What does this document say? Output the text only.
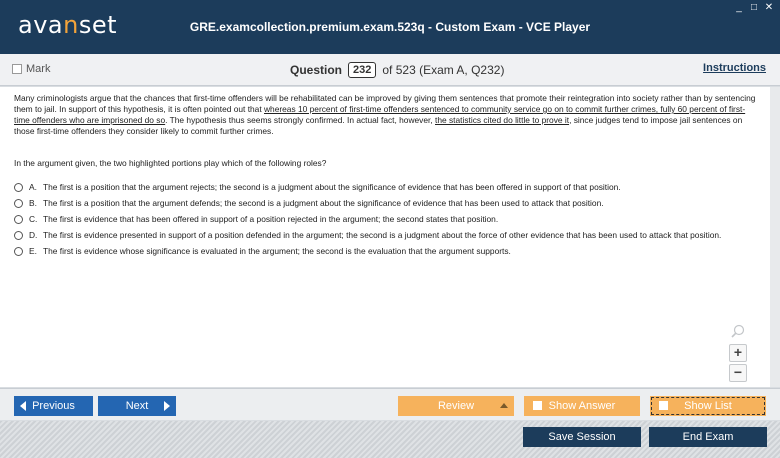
avanset	GRE.examcollection.premium.exam.523q - Custom Exam - VCE Player
_ □ ✕
Mark	Question	232 of 523 (Exam A, Q232)	Instructions
Many criminologists argue that the chances that first-time offenders will be rehabilitated can be improved by giving them sentences that promote their reintegration into society rather than by sentencing them to jail. In support of this hypothesis, it is often pointed out that whereas 10 percent of first-time offenders sentenced to community service go on to commit further crimes, fully 60 percent of first-time offenders who are imprisoned do so. The hypothesis thus seems strongly confirmed. In actual fact, however, the statistics cited do little to prove it, since judges tend to impose jail sentences on those first-time offenders they consider likely to commit further crimes.
In the argument given, the two highlighted portions play which of the following roles?
A. The first is a position that the argument rejects; the second is a judgment about the significance of evidence that has been offered in support of that position.
B. The first is a position that the argument defends; the second is a judgment about the significance of evidence that has been used to attack that position.
C. The first is evidence that has been offered in support of a position rejected in the argument; the second states that position.
D. The first is evidence presented in support of a position defended in the argument; the second is a judgment about the force of other evidence that has been used to attack that position.
E. The first is evidence whose significance is evaluated in the argument; the second is the evaluation that the argument supports.
+
−
Previous	Next	Review	Show Answer	Show List
Save Session	End Exam
